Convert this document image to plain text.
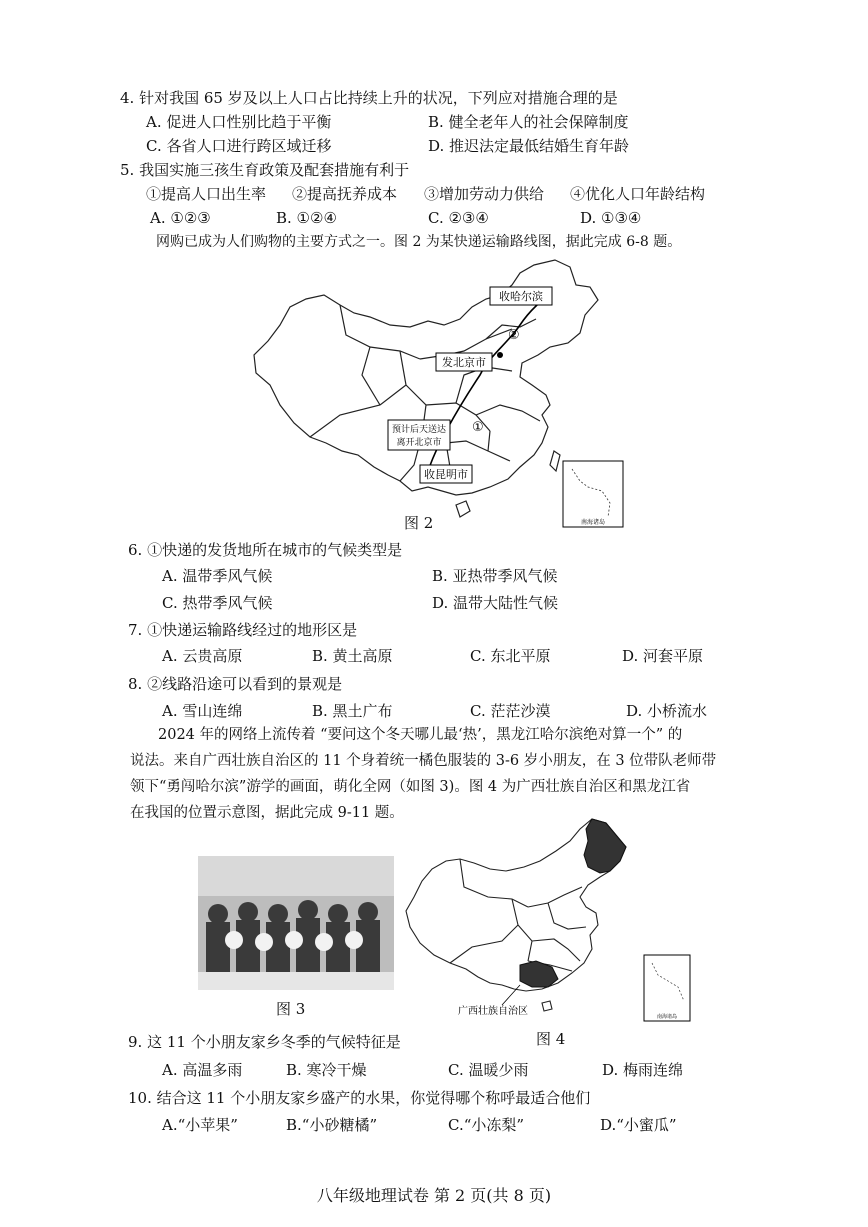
4. 针对我国 65 岁及以上人口占比持续上升的状况，下列应对措施合理的是
A. 促进人口性别比趋于平衡	B. 健全老年人的社会保障制度
C. 各省人口进行跨区域迁移	D. 推迟法定最低结婚生育年龄
5. 我国实施三孩生育政策及配套措施有利于
①提高人口出生率 ②提高抚养成本 ③增加劳动力供给 ④优化人口年龄结构
A. ①②③	B. ①②④	C. ②③④	D. ①③④
网购已成为人们购物的主要方式之一。图 2 为某快递运输路线图，据此完成 6-8 题。
收哈尔滨
发北京市
预计后天送达
离开北京市
收昆明市
①
②
南海诸岛
图 2
6. ①快递的发货地所在城市的气候类型是
A. 温带季风气候	B. 亚热带季风气候
C. 热带季风气候	D. 温带大陆性气候
7. ①快递运输路线经过的地形区是
A. 云贵高原	B. 黄土高原	C. 东北平原	D. 河套平原
8. ②线路沿途可以看到的景观是
A. 雪山连绵	B. 黑土广布	C. 茫茫沙漠	D. 小桥流水
2024 年的网络上流传着 “要问这个冬天哪儿最‘热’，黑龙江哈尔滨绝对算一个” 的
说法。来自广西壮族自治区的 11 个身着统一橘色服装的 3-6 岁小朋友，在 3 位带队老师带
领下“勇闯哈尔滨”游学的画面，萌化全网（如图 3)。图 4 为广西壮族自治区和黑龙江省
在我国的位置示意图，据此完成 9-11 题。
图 3	广西壮族自治区	南海诸岛
图 4
9. 这 11 个小朋友家乡冬季的气候特征是
A. 高温多雨	B. 寒冷干燥	C. 温暖少雨	D. 梅雨连绵
10. 结合这 11 个小朋友家乡盛产的水果，你觉得哪个称呼最适合他们
A.“小苹果”	B.“小砂糖橘”	C.“小冻梨”	D.“小蜜瓜”
八年级地理试卷 第 2 页(共 8 页)
